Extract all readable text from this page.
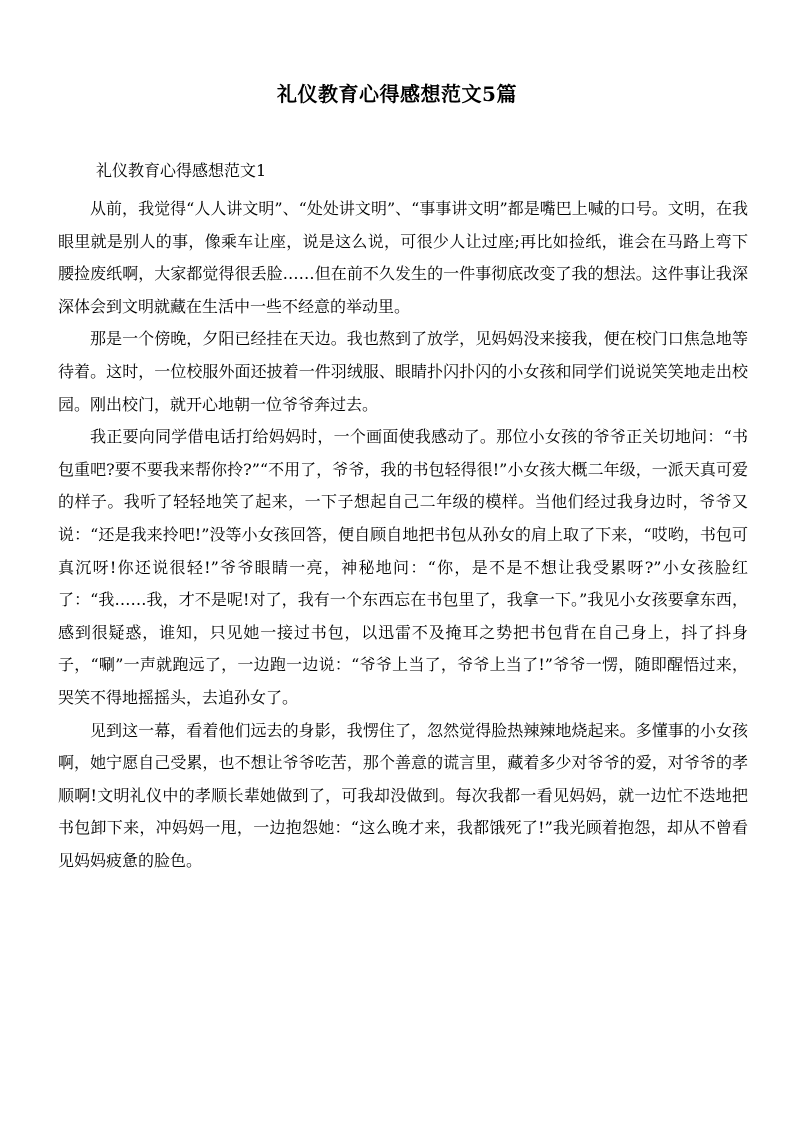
礼仪教育心得感想范文5篇
礼仪教育心得感想范文1

从前，我觉得“人人讲文明”、“处处讲文明”、“事事讲文明”都是嘴巴上喊的口号。文明，在我眼里就是别人的事，像乘车让座，说是这么说，可很少人让过座;再比如捡纸，谁会在马路上弯下腰捡废纸啊，大家都觉得很丢脸……但在前不久发生的一件事彻底改变了我的想法。这件事让我深深体会到文明就藏在生活中一些不经意的举动里。

那是一个傍晚，夕阳已经挂在天边。我也熬到了放学，见妈妈没来接我，便在校门口焦急地等待着。这时，一位校服外面还披着一件羽绒服、眼睛扑闪扑闪的小女孩和同学们说说笑笑地走出校园。刚出校门，就开心地朝一位爷爷奔过去。

我正要向同学借电话打给妈妈时，一个画面使我感动了。那位小女孩的爷爷正关切地问：“书包重吧?要不要我来帮你拎?”“不用了，爷爷，我的书包轻得很!”小女孩大概二年级，一派天真可爱的样子。我听了轻轻地笑了起来，一下子想起自己二年级的模样。当他们经过我身边时，爷爷又说：“还是我来拎吧!”没等小女孩回答，便自顾自地把书包从孙女的肩上取了下来，“哎哟，书包可真沉呀!你还说很轻!”爷爷眼睛一亮，神秘地问：“你，是不是不想让我受累呀?”小女孩脸红了：“我……我，才不是呢!对了，我有一个东西忘在书包里了，我拿一下。”我见小女孩要拿东西，感到很疑惑，谁知，只见她一接过书包，以迅雷不及掩耳之势把书包背在自己身上，抖了抖身子，“唰”一声就跑远了，一边跑一边说：“爷爷上当了，爷爷上当了!”爷爷一愣，随即醒悟过来，哭笑不得地摇摇头，去追孙女了。

见到这一幕，看着他们远去的身影，我愣住了，忽然觉得脸热辣辣地烧起来。多懂事的小女孩啊，她宁愿自己受累，也不想让爷爷吃苦，那个善意的谎言里，藏着多少对爷爷的爱，对爷爷的孝顺啊!文明礼仪中的孝顺长辈她做到了，可我却没做到。每次我都一看见妈妈，就一边忙不迭地把书包卸下来，冲妈妈一甩，一边抱怨她：“这么晚才来，我都饿死了!”我光顾着抱怨，却从不曾看见妈妈疲惫的脸色。
